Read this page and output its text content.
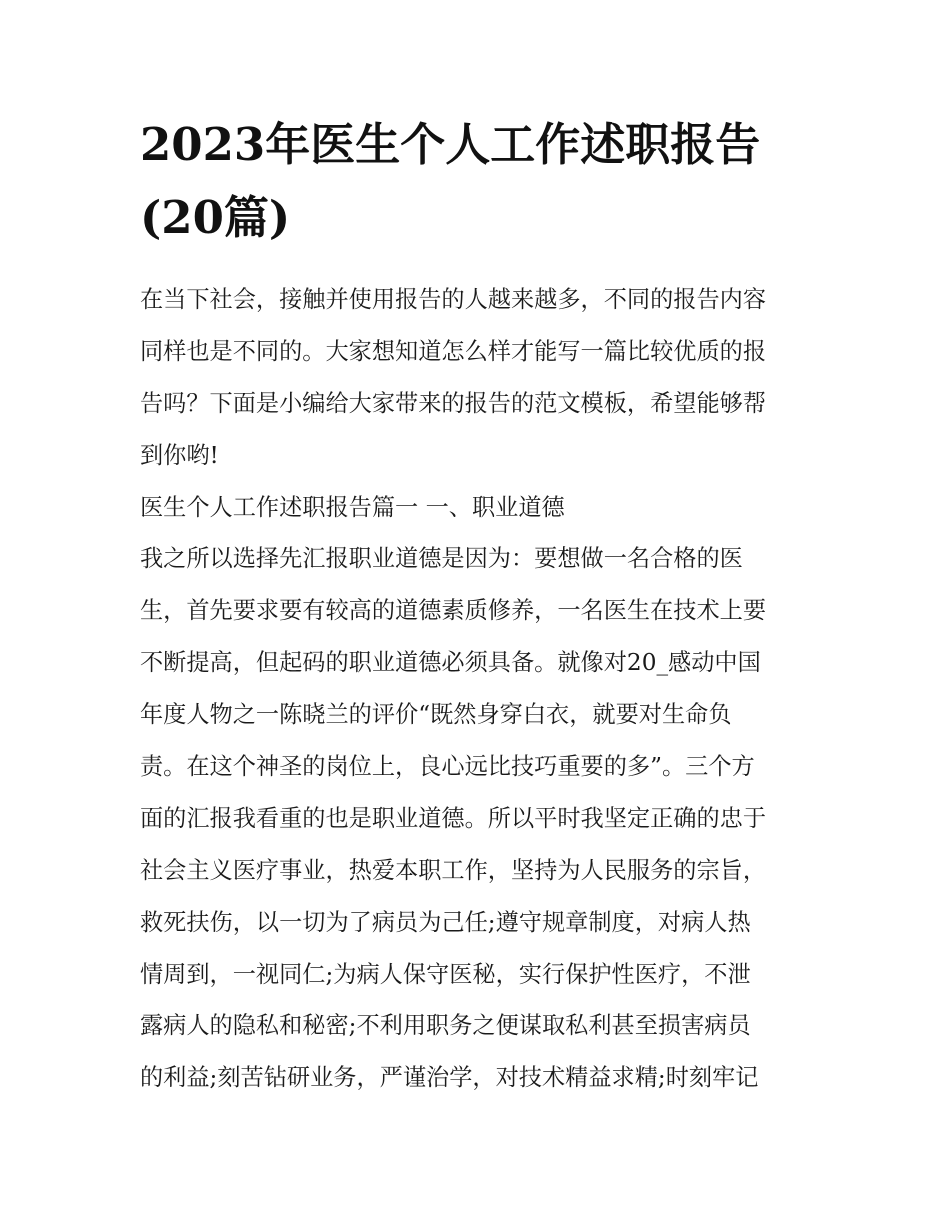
2023年医生个人工作述职报告
(20篇)
在当下社会，接触并使用报告的人越来越多，不同的报告内容
同样也是不同的。大家想知道怎么样才能写一篇比较优质的报
告吗？下面是小编给大家带来的报告的范文模板，希望能够帮
到你哟!
医生个人工作述职报告篇一 一、职业道德
我之所以选择先汇报职业道德是因为：要想做一名合格的医
生，首先要求要有较高的道德素质修养，一名医生在技术上要
不断提高，但起码的职业道德必须具备。就像对20_感动中国
年度人物之一陈晓兰的评价“既然身穿白衣，就要对生命负
责。在这个神圣的岗位上，良心远比技巧重要的多”。三个方
面的汇报我看重的也是职业道德。所以平时我坚定正确的忠于
社会主义医疗事业，热爱本职工作，坚持为人民服务的宗旨，
救死扶伤，以一切为了病员为己任;遵守规章制度，对病人热
情周到，一视同仁;为病人保守医秘，实行保护性医疗，不泄
露病人的隐私和秘密;不利用职务之便谋取私利甚至损害病员
的利益;刻苦钻研业务，严谨治学，对技术精益求精;时刻牢记
